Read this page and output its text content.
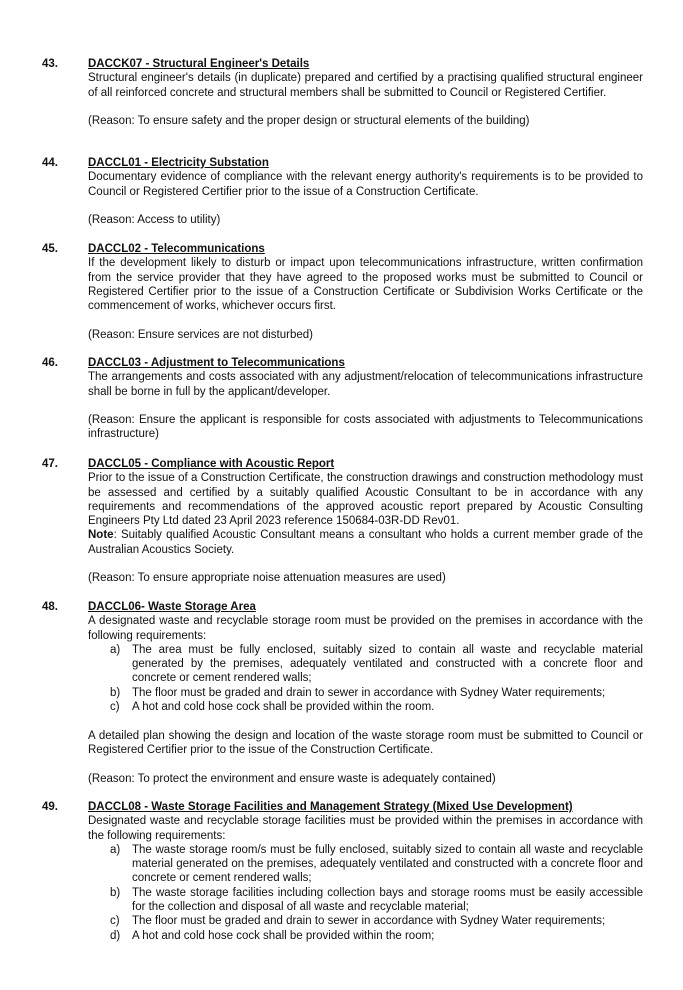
43.	DACCK07 - Structural Engineer's Details

Structural engineer's details (in duplicate) prepared and certified by a practising qualified structural engineer of all reinforced concrete and structural members shall be submitted to Council or Registered Certifier.

(Reason: To ensure safety and the proper design or structural elements of the building)

44.	DACCL01 - Electricity Substation

Documentary evidence of compliance with the relevant energy authority's requirements is to be provided to Council or Registered Certifier prior to the issue of a Construction Certificate.

(Reason: Access to utility)

45.	DACCL02 - Telecommunications

If the development likely to disturb or impact upon telecommunications infrastructure, written confirmation from the service provider that they have agreed to the proposed works must be submitted to Council or Registered Certifier prior to the issue of a Construction Certificate or Subdivision Works Certificate or the commencement of works, whichever occurs first.

(Reason: Ensure services are not disturbed)

46.	DACCL03 - Adjustment to Telecommunications

The arrangements and costs associated with any adjustment/relocation of telecommunications infrastructure shall be borne in full by the applicant/developer.

(Reason: Ensure the applicant is responsible for costs associated with adjustments to Telecommunications infrastructure)

47.	DACCL05 - Compliance with Acoustic Report

Prior to the issue of a Construction Certificate, the construction drawings and construction methodology must be assessed and certified by a suitably qualified Acoustic Consultant to be in accordance with any requirements and recommendations of the approved acoustic report prepared by Acoustic Consulting Engineers Pty Ltd dated 23 April 2023 reference 150684-03R-DD Rev01.

Note: Suitably qualified Acoustic Consultant means a consultant who holds a current member grade of the Australian Acoustics Society.

(Reason: To ensure appropriate noise attenuation measures are used)

48.	DACCL06- Waste Storage Area

A designated waste and recyclable storage room must be provided on the premises in accordance with the following requirements:

a) The area must be fully enclosed, suitably sized to contain all waste and recyclable material generated by the premises, adequately ventilated and constructed with a concrete floor and concrete or cement rendered walls;
b) The floor must be graded and drain to sewer in accordance with Sydney Water requirements;
c) A hot and cold hose cock shall be provided within the room.

A detailed plan showing the design and location of the waste storage room must be submitted to Council or Registered Certifier prior to the issue of the Construction Certificate.

(Reason: To protect the environment and ensure waste is adequately contained)

49.	DACCL08 - Waste Storage Facilities and Management Strategy (Mixed Use Development)

Designated waste and recyclable storage facilities must be provided within the premises in accordance with the following requirements:

a) The waste storage room/s must be fully enclosed, suitably sized to contain all waste and recyclable material generated on the premises, adequately ventilated and constructed with a concrete floor and concrete or cement rendered walls;
b) The waste storage facilities including collection bays and storage rooms must be easily accessible for the collection and disposal of all waste and recyclable material;
c) The floor must be graded and drain to sewer in accordance with Sydney Water requirements;
d) A hot and cold hose cock shall be provided within the room;
